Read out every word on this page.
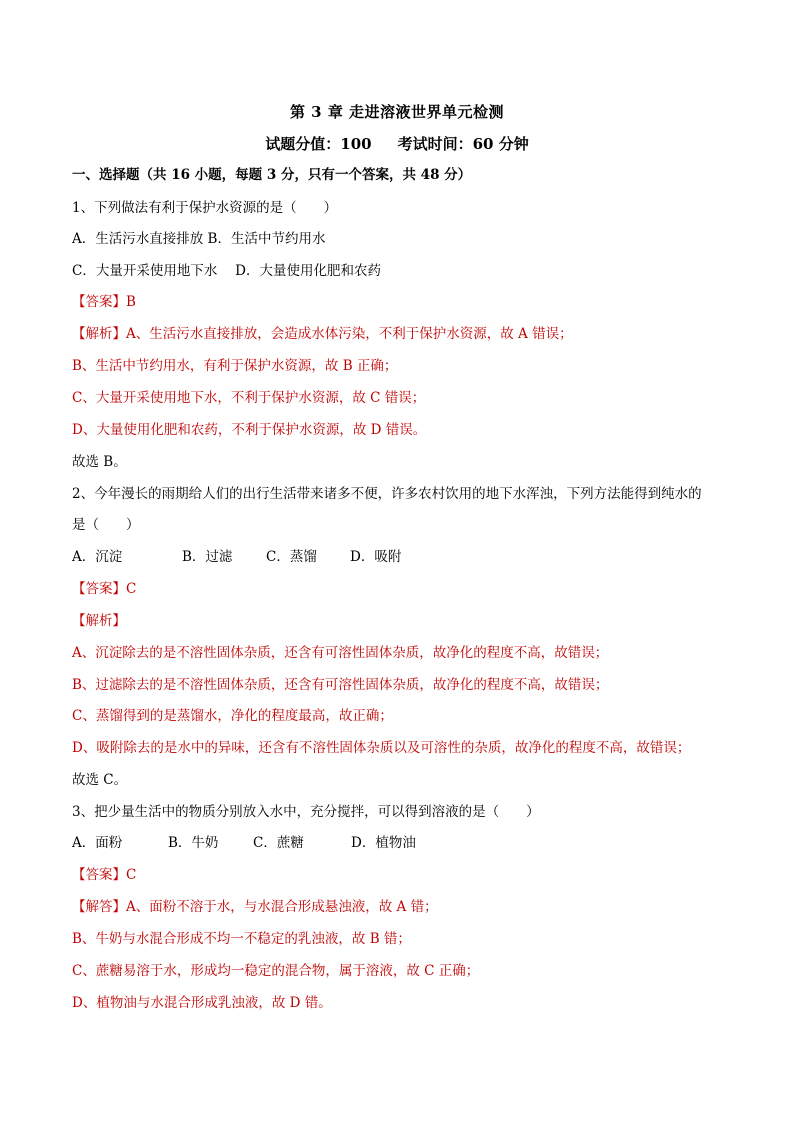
第 3 章 走进溶液世界单元检测
试题分值：100 考试时间：60 分钟
一、选择题（共 16 小题，每题 3 分，只有一个答案，共 48 分）
1、下列做法有利于保护水资源的是（　　）
A．生活污水直接排放 B．生活中节约用水
C．大量开采使用地下水　 D．大量使用化肥和农药
【答案】B
【解析】A、生活污水直接排放，会造成水体污染，不利于保护水资源，故 A 错误；
B、生活中节约用水，有利于保护水资源，故 B 正确；
C、大量开采使用地下水，不利于保护水资源，故 C 错误；
D、大量使用化肥和农药，不利于保护水资源，故 D 错误。
故选 B。
2、今年漫长的雨期给人们的出行生活带来诸多不便，许多农村饮用的地下水浑浊，下列方法能得到纯水的
是（　　）
A．沉淀	B．过滤 C．蒸馏 D．吸附
【答案】C
【解析】
A、沉淀除去的是不溶性固体杂质，还含有可溶性固体杂质，故净化的程度不高，故错误；
B、过滤除去的是不溶性固体杂质，还含有可溶性固体杂质，故净化的程度不高，故错误；
C、蒸馏得到的是蒸馏水，净化的程度最高，故正确；
D、吸附除去的是水中的异味，还含有不溶性固体杂质以及可溶性的杂质，故净化的程度不高，故错误；
故选 C。
3、把少量生活中的物质分别放入水中，充分搅拌，可以得到溶液的是（　　）
A．面粉	B．牛奶	C．蔗糖	D．植物油
【答案】C
【解答】A、面粉不溶于水，与水混合形成悬浊液，故 A 错；
B、牛奶与水混合形成不均一不稳定的乳浊液，故 B 错；
C、蔗糖易溶于水，形成均一稳定的混合物，属于溶液，故 C 正确；
D、植物油与水混合形成乳浊液，故 D 错。
